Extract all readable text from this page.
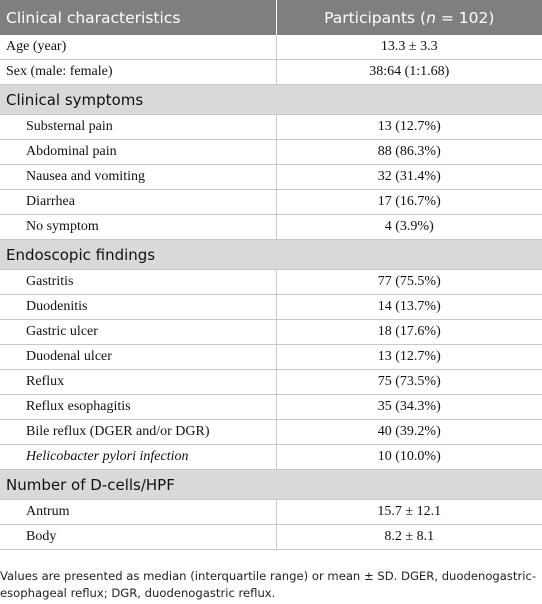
Clinical characteristics	Participants (n = 102)
Age (year)	13.3 ± 3.3
Sex (male: female)	38:64 (1:1.68)
Clinical symptoms	
Substernal pain	13 (12.7%)
Abdominal pain	88 (86.3%)
Nausea and vomiting	32 (31.4%)
Diarrhea	17 (16.7%)
No symptom	4 (3.9%)
Endoscopic findings	
Gastritis	77 (75.5%)
Duodenitis	14 (13.7%)
Gastric ulcer	18 (17.6%)
Duodenal ulcer	13 (12.7%)
Reflux	75 (73.5%)
Reflux esophagitis	35 (34.3%)
Bile reflux (DGER and/or DGR)	40 (39.2%)
Helicobacter pylori infection	10 (10.0%)
Number of D-cells/HPF	
Antrum	15.7 ± 12.1
Body	8.2 ± 8.1
Values are presented as median (interquartile range) or mean ± SD. DGER, duodenogastric-esophageal reflux; DGR, duodenogastric reflux.
